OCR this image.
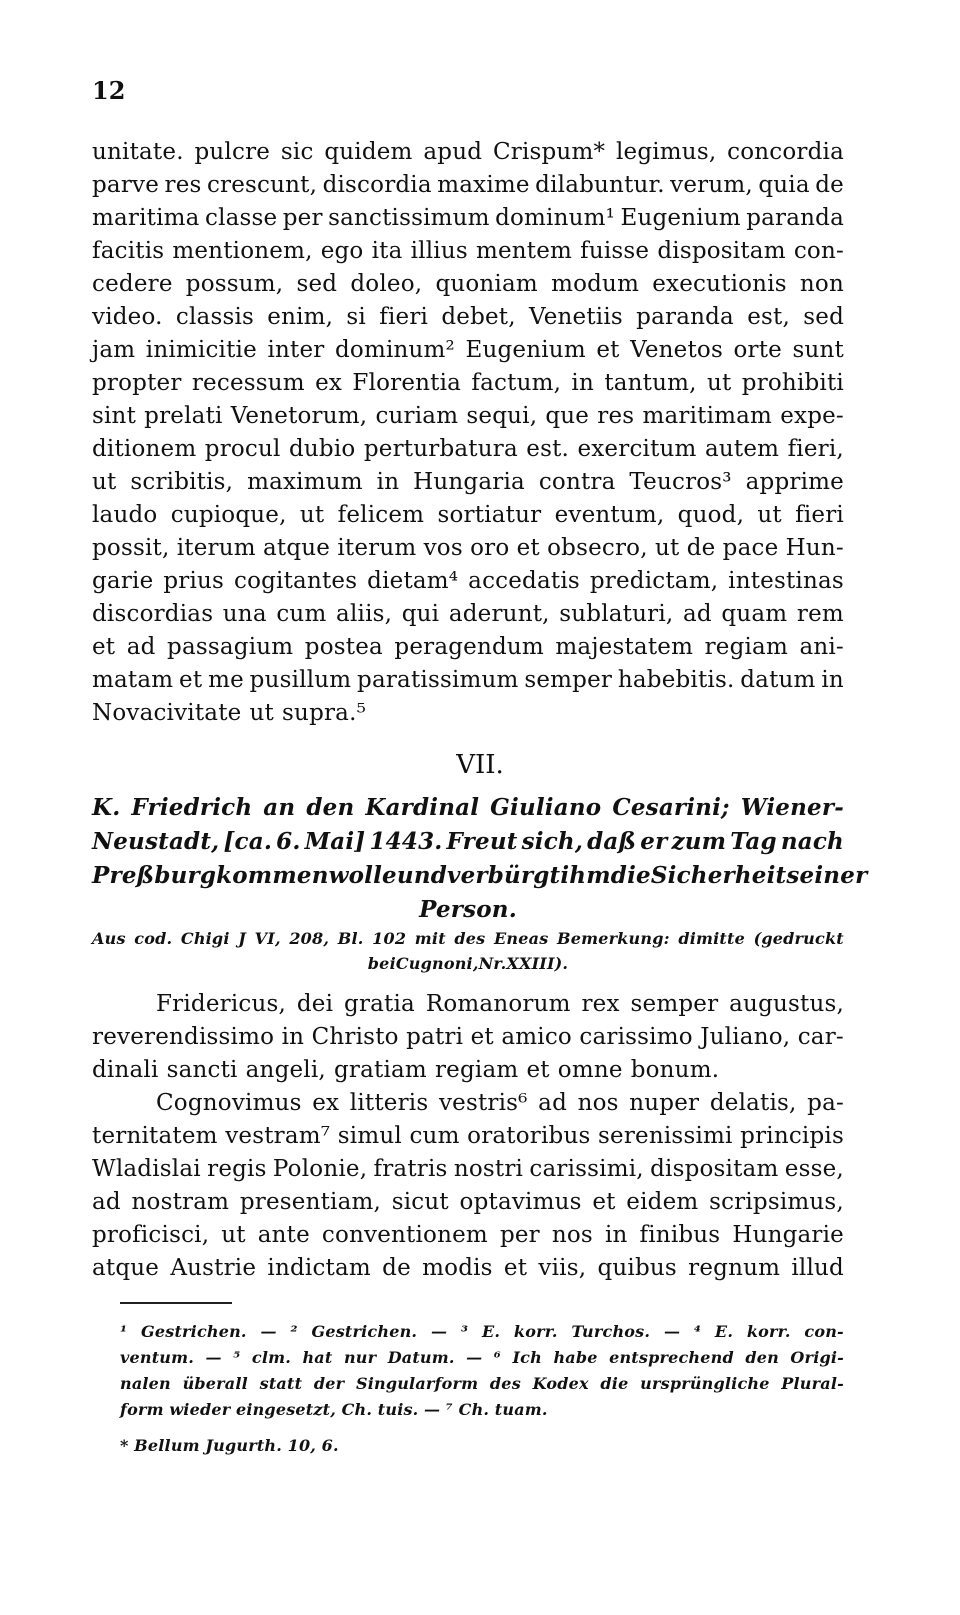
12
unitate. pulcre sic quidem apud Crispum* legimus, concordia
parve res crescunt, discordia maxime dilabuntur. verum, quia de
maritima classe per sanctissimum dominum¹ Eugenium paranda
facitis mentionem, ego ita illius mentem fuisse dispositam con-
cedere possum, sed doleo, quoniam modum executionis non
video. classis enim, si fieri debet, Venetiis paranda est, sed
jam inimicitie inter dominum² Eugenium et Venetos orte sunt
propter recessum ex Florentia factum, in tantum, ut prohibiti
sint prelati Venetorum, curiam sequi, que res maritimam expe-
ditionem procul dubio perturbatura est. exercitum autem fieri,
ut scribitis, maximum in Hungaria contra Teucros³ apprime
laudo cupioque, ut felicem sortiatur eventum, quod, ut fieri
possit, iterum atque iterum vos oro et obsecro, ut de pace Hun-
garie prius cogitantes dietam⁴ accedatis predictam, intestinas
discordias una cum aliis, qui aderunt, sublaturi, ad quam rem
et ad passagium postea peragendum majestatem regiam ani-
matam et me pusillum paratissimum semper habebitis. datum in
Novacivitate ut supra.⁵
VII.
K. Friedrich an den Kardinal Giuliano Cesarini; Wiener-
Neustadt, [ca. 6. Mai] 1443. Freut sich, daß er zum Tag nach
Preßburg kommen wolle und verbürgt ihm die Sicherheit seiner
Person.
Aus cod. Chigi J VI, 208, Bl. 102 mit des Eneas Bemerkung: dimitte (gedruckt
bei Cugnoni, Nr. XXIII).
Fridericus, dei gratia Romanorum rex semper augustus,
reverendissimo in Christo patri et amico carissimo Juliano, car-
dinali sancti angeli, gratiam regiam et omne bonum.
Cognovimus ex litteris vestris⁶ ad nos nuper delatis, pa-
ternitatem vestram⁷ simul cum oratoribus serenissimi principis
Wladislai regis Polonie, fratris nostri carissimi, dispositam esse,
ad nostram presentiam, sicut optavimus et eidem scripsimus,
proficisci, ut ante conventionem per nos in finibus Hungarie
atque Austrie indictam de modis et viis, quibus regnum illud
¹ Gestrichen. — ² Gestrichen. — ³ E. korr. Turchos. — ⁴ E. korr. con-
ventum. — ⁵ clm. hat nur Datum. — ⁶ Ich habe entsprechend den Origi-
nalen überall statt der Singularform des Kodex die ursprüngliche Plural-
form wieder eingesetzt, Ch. tuis. — ⁷ Ch. tuam.
* Bellum Jugurth. 10, 6.
